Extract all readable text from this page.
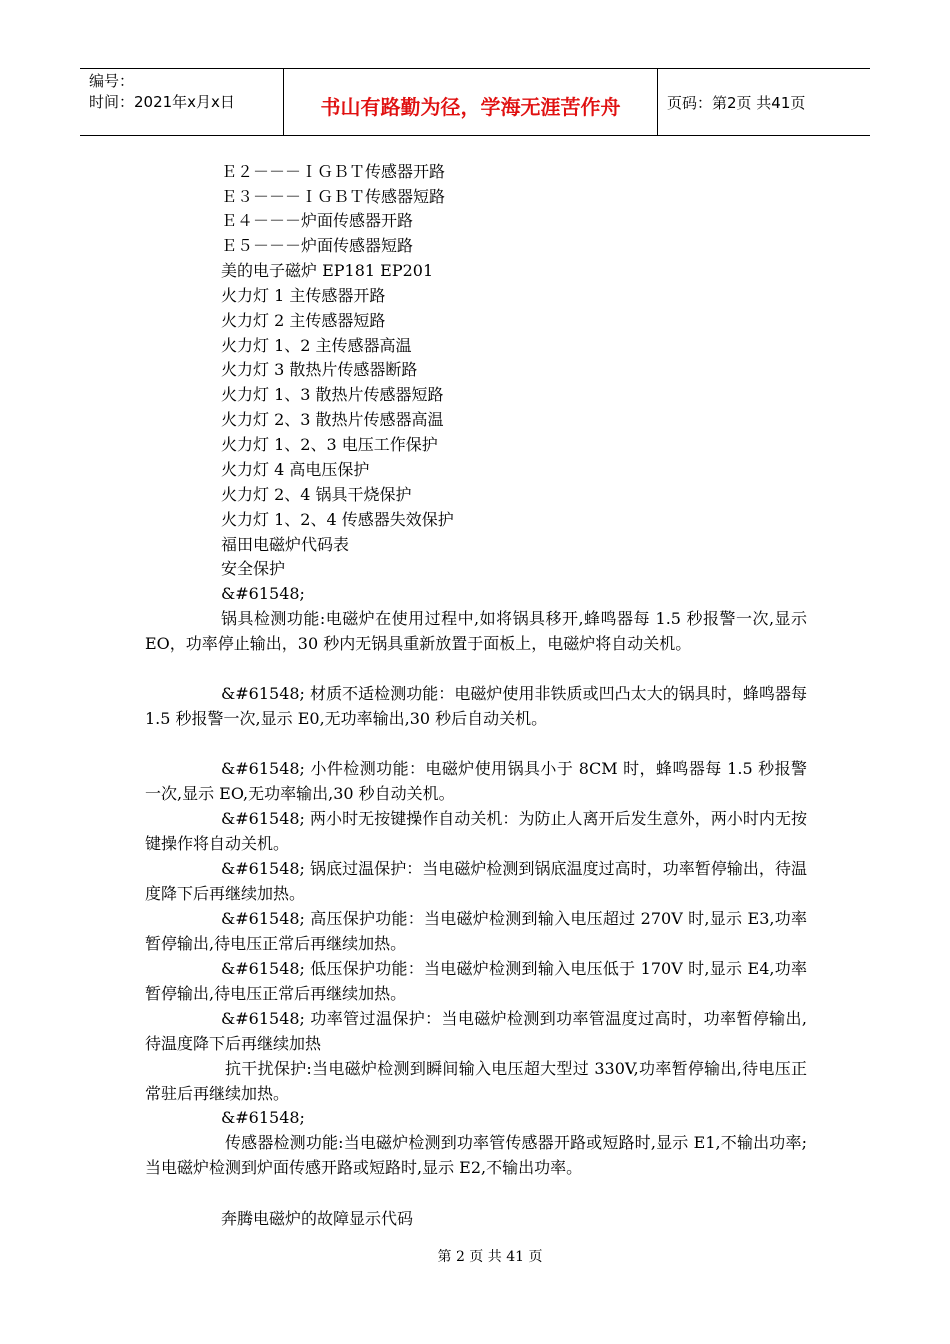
编号：
时间：2021年x月x日	书山有路勤为径，学海无涯苦作舟	页码：第2页 共41页
Ｅ２－－－ＩＧＢＴ传感器开路
Ｅ３－－－ＩＧＢＴ传感器短路
Ｅ４－－－炉面传感器开路
Ｅ５－－－炉面传感器短路
美的电子磁炉 EP181 EP201
火力灯 1 主传感器开路
火力灯 2 主传感器短路
火力灯 1、2 主传感器高温
火力灯 3 散热片传感器断路
火力灯 1、3 散热片传感器短路
火力灯 2、3 散热片传感器高温
火力灯 1、2、3 电压工作保护
火力灯 4 高电压保护
火力灯 2、4 锅具干烧保护
火力灯 1、2、4 传感器失效保护
福田电磁炉代码表
安全保护
&#61548;
锅具检测功能:电磁炉在使用过程中,如将锅具移开,蜂鸣器每 1.5 秒报警一次,显示 EO，功率停止输出，30 秒内无锅具重新放置于面板上，电磁炉将自动关机。
&#61548; 材质不适检测功能：电磁炉使用非铁质或凹凸太大的锅具时，蜂鸣器每 1.5 秒报警一次,显示 E0,无功率输出,30 秒后自动关机。
&#61548; 小件检测功能：电磁炉使用锅具小于 8CM 时，蜂鸣器每 1.5 秒报警一次,显示 EO,无功率输出,30 秒自动关机。
&#61548; 两小时无按键操作自动关机：为防止人离开后发生意外，两小时内无按键操作将自动关机。
&#61548; 锅底过温保护：当电磁炉检测到锅底温度过高时，功率暂停输出，待温度降下后再继续加热。
&#61548; 高压保护功能：当电磁炉检测到输入电压超过 270V 时,显示 E3,功率暂停输出,待电压正常后再继续加热。
&#61548; 低压保护功能：当电磁炉检测到输入电压低于 170V 时,显示 E4,功率暂停输出,待电压正常后再继续加热。
&#61548; 功率管过温保护：当电磁炉检测到功率管温度过高时，功率暂停输出,待温度降下后再继续加热
抗干扰保护:当电磁炉检测到瞬间输入电压超大型过 330V,功率暂停输出,待电压正常驻后再继续加热。
&#61548;
传感器检测功能:当电磁炉检测到功率管传感器开路或短路时,显示 E1,不输出功率;当电磁炉检测到炉面传感开路或短路时,显示 E2,不输出功率。
奔腾电磁炉的故障显示代码
第 2 页 共 41 页
